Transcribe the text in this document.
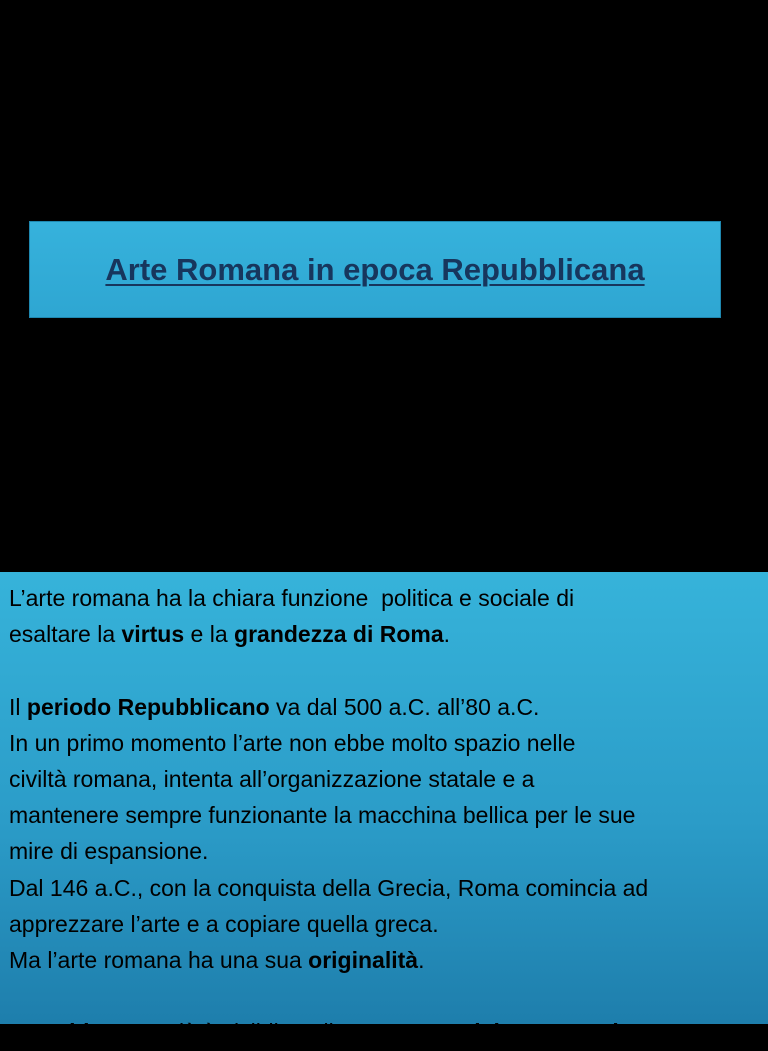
Arte Romana in epoca Repubblicana

L’arte romana ha la chiara funzione  politica e sociale di

esaltare la virtus e la grandezza di Roma.

Il periodo Repubblicano va dal 500 a.C. all’80 a.C.

In un primo momento l’arte non ebbe molto spazio nelle

civiltà romana, intenta all’organizzazione statale e a

mantenere sempre funzionante la macchina bellica per le sue

mire di espansione.

Dal 146 a.C., con la conquista della Grecia, Roma comincia ad

apprezzare l’arte e a copiare quella greca.

Ma l’arte romana ha una sua originalità.

In architettura ciò è visibile nelle nuove tecniche costruttive:
